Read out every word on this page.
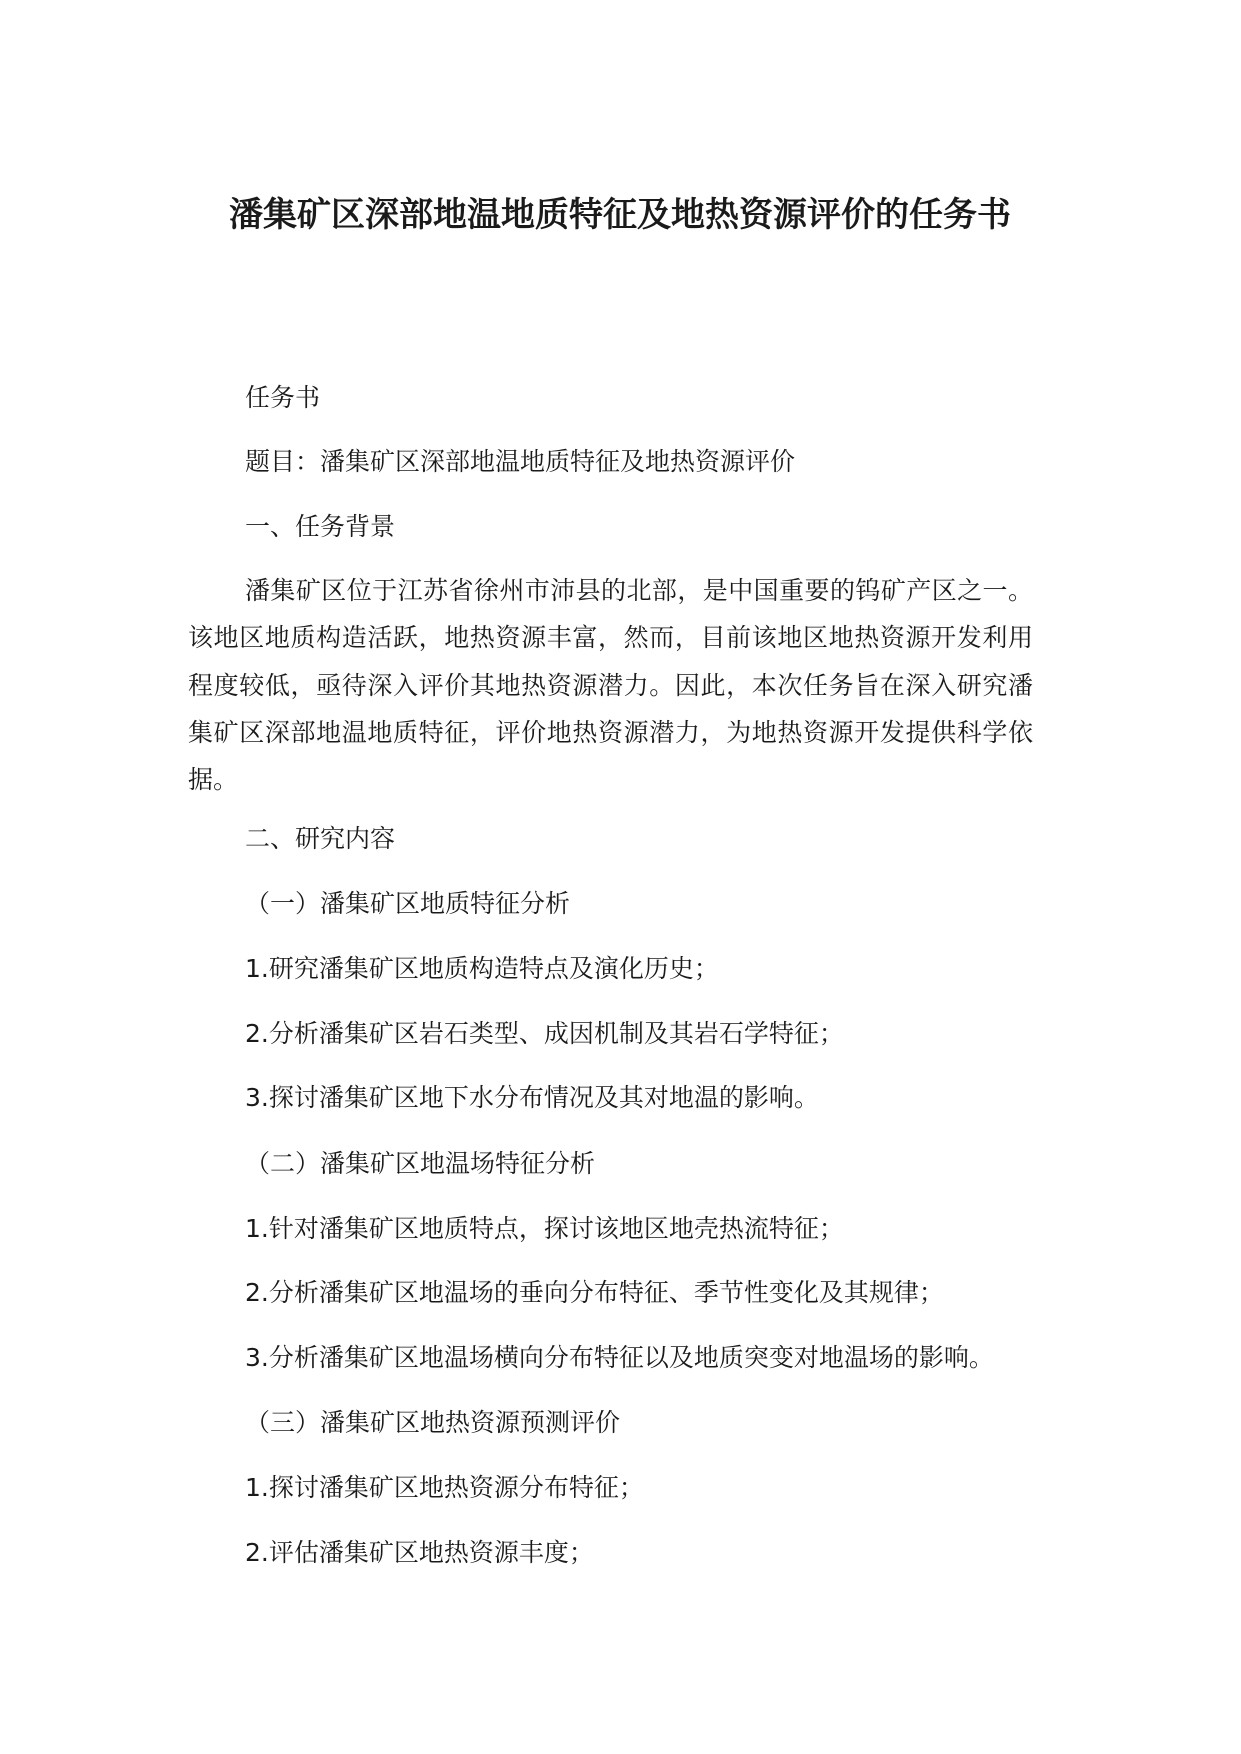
潘集矿区深部地温地质特征及地热资源评价的任务书

任务书

题目：潘集矿区深部地温地质特征及地热资源评价

一、任务背景

潘集矿区位于江苏省徐州市沛县的北部，是中国重要的钨矿产区之一。该地区地质构造活跃，地热资源丰富，然而，目前该地区地热资源开发利用程度较低，亟待深入评价其地热资源潜力。因此，本次任务旨在深入研究潘集矿区深部地温地质特征，评价地热资源潜力，为地热资源开发提供科学依据。

二、研究内容

（一）潘集矿区地质特征分析

1.研究潘集矿区地质构造特点及演化历史；

2.分析潘集矿区岩石类型、成因机制及其岩石学特征；

3.探讨潘集矿区地下水分布情况及其对地温的影响。

（二）潘集矿区地温场特征分析

1.针对潘集矿区地质特点，探讨该地区地壳热流特征；

2.分析潘集矿区地温场的垂向分布特征、季节性变化及其规律；

3.分析潘集矿区地温场横向分布特征以及地质突变对地温场的影响。

（三）潘集矿区地热资源预测评价

1.探讨潘集矿区地热资源分布特征；

2.评估潘集矿区地热资源丰度；
